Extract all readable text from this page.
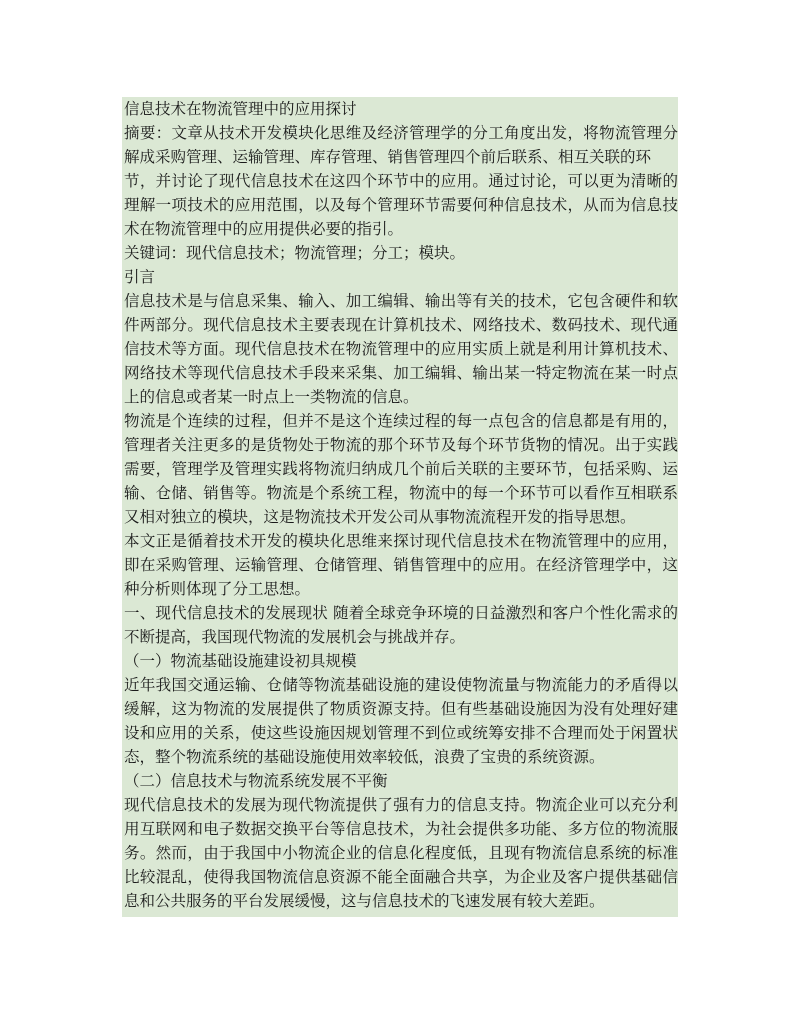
信息技术在物流管理中的应用探讨
摘要：文章从技术开发模块化思维及经济管理学的分工角度出发，将物流管理分
解成采购管理、运输管理、库存管理、销售管理四个前后联系、相互关联的环
节，并讨论了现代信息技术在这四个环节中的应用。通过讨论，可以更为清晰的
理解一项技术的应用范围，以及每个管理环节需要何种信息技术，从而为信息技
术在物流管理中的应用提供必要的指引。
关键词：现代信息技术；物流管理；分工；模块。
引言
信息技术是与信息采集、输入、加工编辑、输出等有关的技术，它包含硬件和软
件两部分。现代信息技术主要表现在计算机技术、网络技术、数码技术、现代通
信技术等方面。现代信息技术在物流管理中的应用实质上就是利用计算机技术、
网络技术等现代信息技术手段来采集、加工编辑、输出某一特定物流在某一时点
上的信息或者某一时点上一类物流的信息。
物流是个连续的过程，但并不是这个连续过程的每一点包含的信息都是有用的，
管理者关注更多的是货物处于物流的那个环节及每个环节货物的情况。出于实践
需要，管理学及管理实践将物流归纳成几个前后关联的主要环节，包括采购、运
输、仓储、销售等。物流是个系统工程，物流中的每一个环节可以看作互相联系
又相对独立的模块，这是物流技术开发公司从事物流流程开发的指导思想。
本文正是循着技术开发的模块化思维来探讨现代信息技术在物流管理中的应用，
即在采购管理、运输管理、仓储管理、销售管理中的应用。在经济管理学中，这
种分析则体现了分工思想。
一、现代信息技术的发展现状 随着全球竞争环境的日益激烈和客户个性化需求的
不断提高，我国现代物流的发展机会与挑战并存。
（一）物流基础设施建设初具规模
近年我国交通运输、仓储等物流基础设施的建设使物流量与物流能力的矛盾得以
缓解，这为物流的发展提供了物质资源支持。但有些基础设施因为没有处理好建
设和应用的关系，使这些设施因规划管理不到位或统筹安排不合理而处于闲置状
态，整个物流系统的基础设施使用效率较低，浪费了宝贵的系统资源。
（二）信息技术与物流系统发展不平衡
现代信息技术的发展为现代物流提供了强有力的信息支持。物流企业可以充分利
用互联网和电子数据交换平台等信息技术，为社会提供多功能、多方位的物流服
务。然而，由于我国中小物流企业的信息化程度低，且现有物流信息系统的标准
比较混乱，使得我国物流信息资源不能全面融合共享，为企业及客户提供基础信
息和公共服务的平台发展缓慢，这与信息技术的飞速发展有较大差距。
